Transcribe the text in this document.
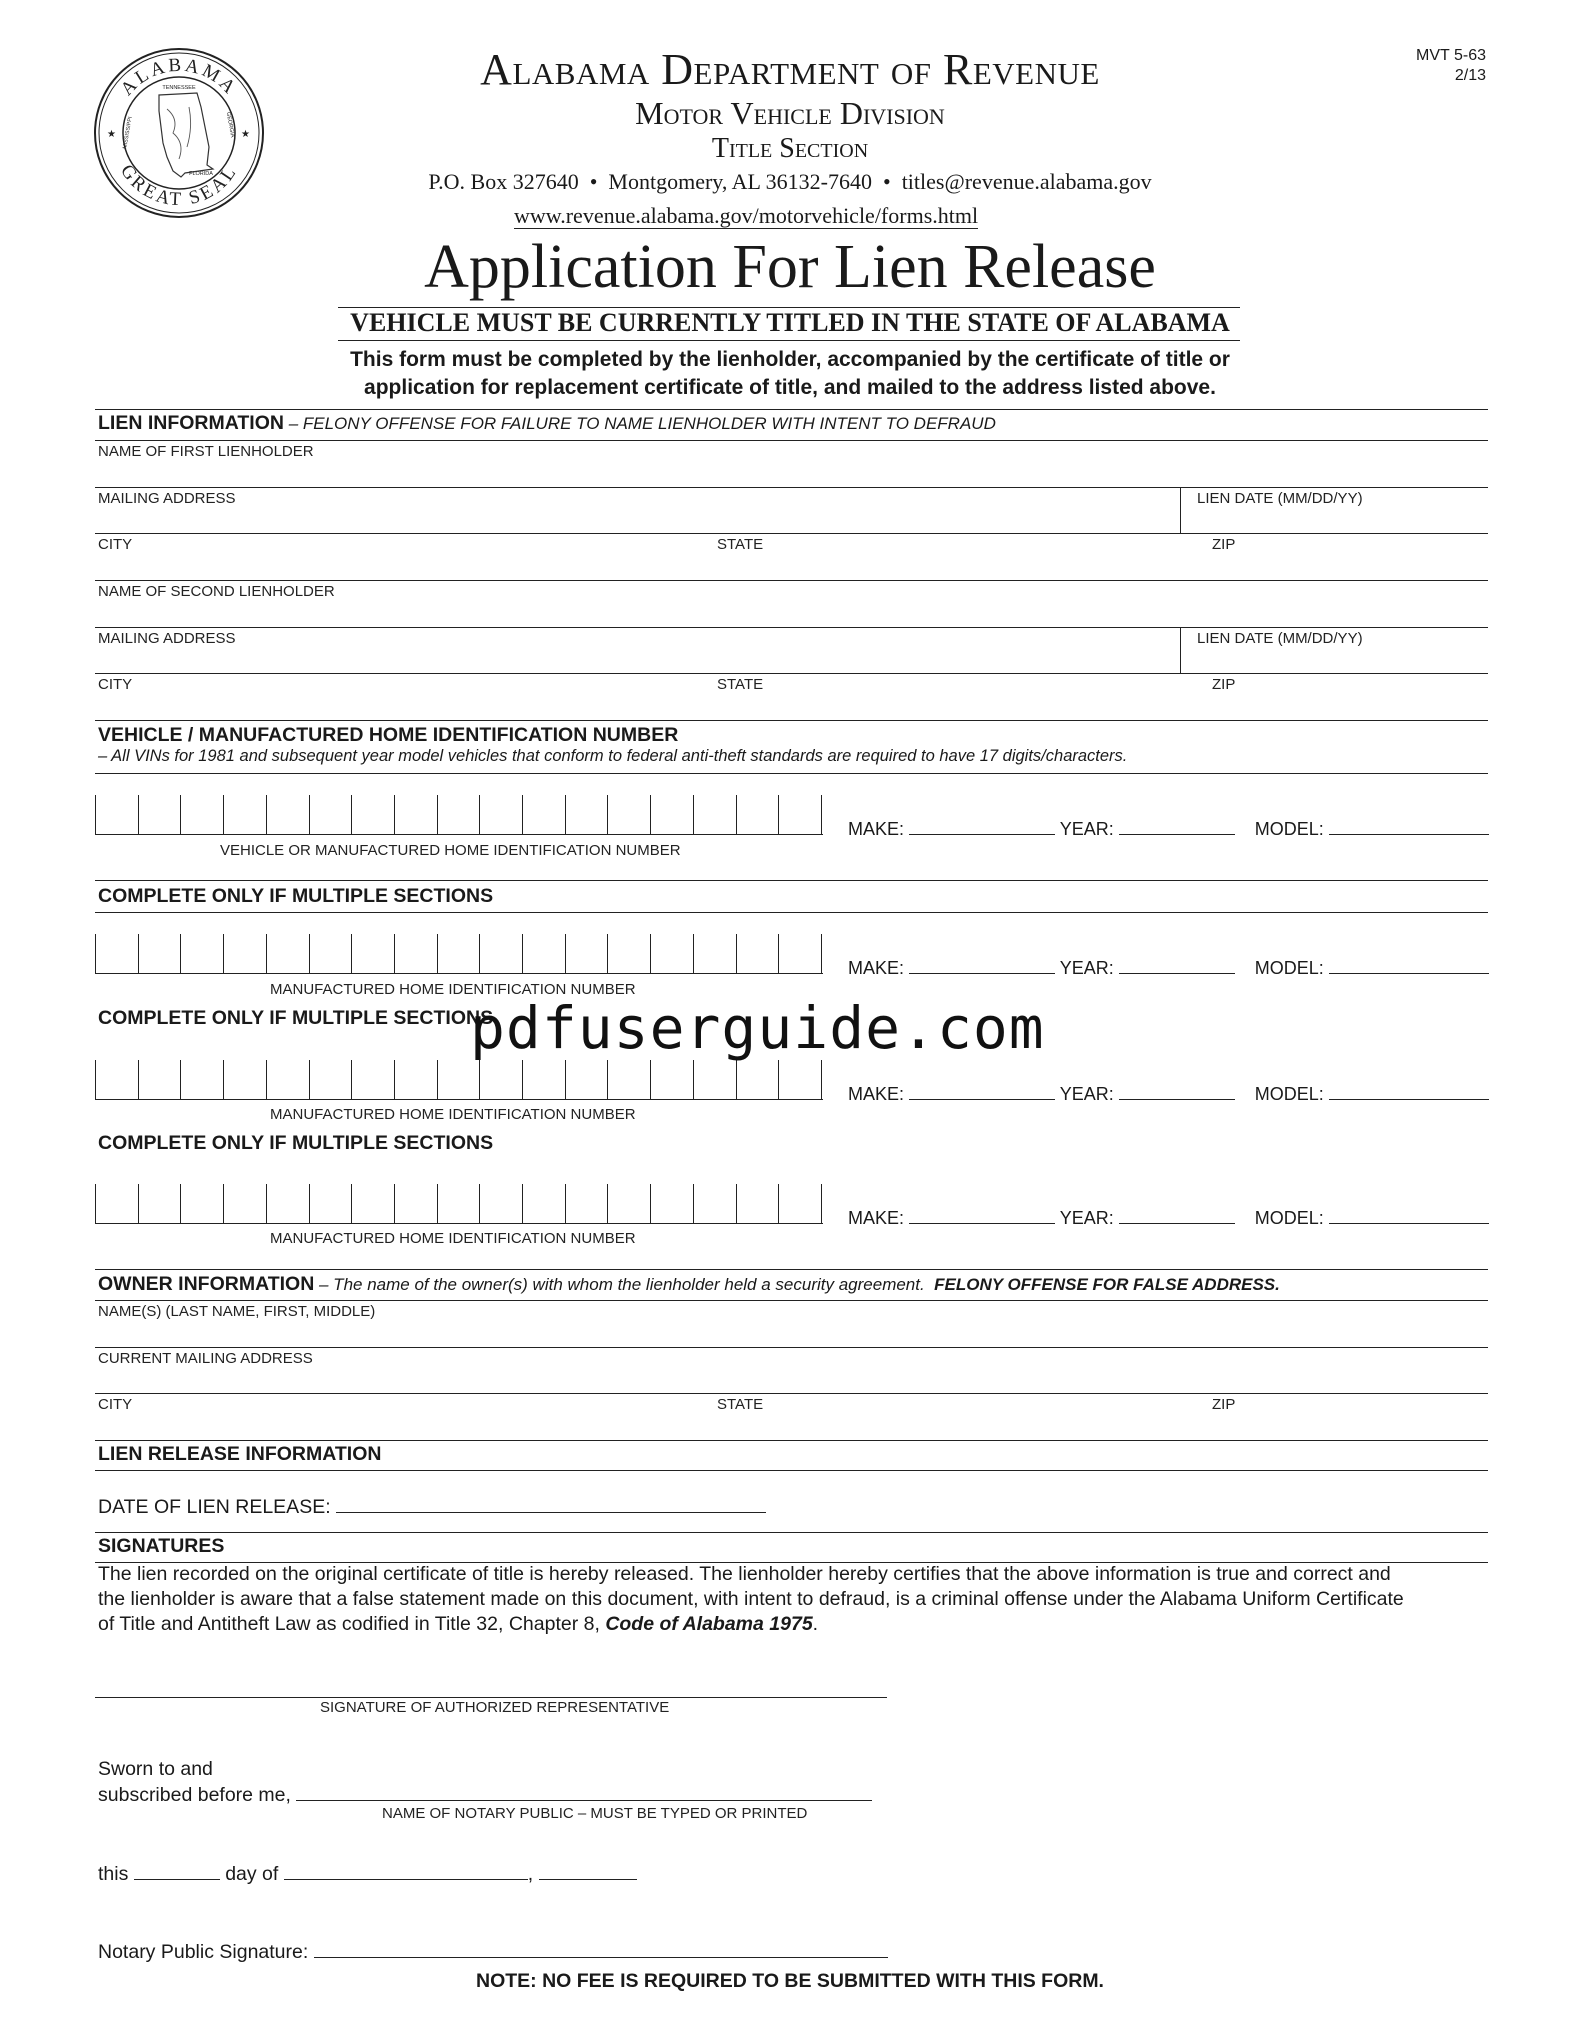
★	★
ALABAMA
GREAT SEAL
TENNESSEE
GEORGIA
MISSISSIPPI
FLORIDA
Alabama Department of Revenue
Motor Vehicle Division
Title Section
P.O. Box 327640  •  Montgomery, AL 36132-7640  •  titles@revenue.alabama.gov
www.revenue.alabama.gov/motorvehicle/forms.html
MVT 5-63
2/13
Application For Lien Release
VEHICLE MUST BE CURRENTLY TITLED IN THE STATE OF ALABAMA
This form must be completed by the lienholder, accompanied by the certificate of title or
application for replacement certificate of title, and mailed to the address listed above.
LIEN INFORMATION – FELONY OFFENSE FOR FAILURE TO NAME LIENHOLDER WITH INTENT TO DEFRAUD
NAME OF FIRST LIENHOLDER
MAILING ADDRESS	LIEN DATE (MM/DD/YY)
CITY	STATE	ZIP
NAME OF SECOND LIENHOLDER
MAILING ADDRESS	LIEN DATE (MM/DD/YY)
CITY	STATE	ZIP
VEHICLE / MANUFACTURED HOME IDENTIFICATION NUMBER
– All VINs for 1981 and subsequent year model vehicles that conform to federal anti-theft standards are required to have 17 digits/characters.
MAKE:	YEAR:	MODEL:
VEHICLE OR MANUFACTURED HOME IDENTIFICATION NUMBER
COMPLETE ONLY IF MULTIPLE SECTIONS
MAKE:	YEAR:	MODEL:
MANUFACTURED HOME IDENTIFICATION NUMBER
COMPLETE ONLY IF MULTIPLE SECTIONS
MAKE:	YEAR:	MODEL:
MANUFACTURED HOME IDENTIFICATION NUMBER
COMPLETE ONLY IF MULTIPLE SECTIONS
MAKE:	YEAR:	MODEL:
MANUFACTURED HOME IDENTIFICATION NUMBER
pdfuserguide.com
OWNER INFORMATION – The name of the owner(s) with whom the lienholder held a security agreement.  FELONY OFFENSE FOR FALSE ADDRESS.
NAME(S) (LAST NAME, FIRST, MIDDLE)
CURRENT MAILING ADDRESS
CITY	STATE	ZIP
LIEN RELEASE INFORMATION
DATE OF LIEN RELEASE:
SIGNATURES
The lien recorded on the original certificate of title is hereby released. The lienholder hereby certifies that the above information is true and correct and
the lienholder is aware that a false statement made on this document, with intent to defraud, is a criminal offense under the Alabama Uniform Certificate
of Title and Antitheft Law as codified in Title 32, Chapter 8, Code of Alabama 1975.
SIGNATURE OF AUTHORIZED REPRESENTATIVE
Sworn to and
subscribed before me,
NAME OF NOTARY PUBLIC – MUST BE TYPED OR PRINTED
this	day of	,
Notary Public Signature:
NOTE: NO FEE IS REQUIRED TO BE SUBMITTED WITH THIS FORM.
